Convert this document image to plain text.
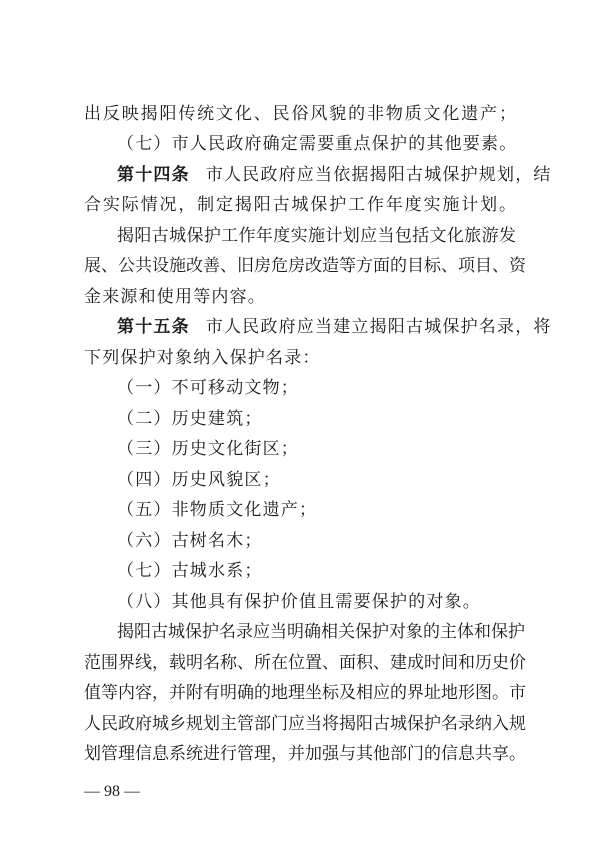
出反映揭阳传统文化、民俗风貌的非物质文化遗产；
（七）市人民政府确定需要重点保护的其他要素。
第十四条 市人民政府应当依据揭阳古城保护规划，结
合实际情况，制定揭阳古城保护工作年度实施计划。
揭阳古城保护工作年度实施计划应当包括文化旅游发
展、公共设施改善、旧房危房改造等方面的目标、项目、资
金来源和使用等内容。
第十五条 市人民政府应当建立揭阳古城保护名录，将
下列保护对象纳入保护名录：
（一）不可移动文物；
（二）历史建筑；
（三）历史文化街区；
（四）历史风貌区；
（五）非物质文化遗产；
（六）古树名木；
（七）古城水系；
（八）其他具有保护价值且需要保护的对象。
揭阳古城保护名录应当明确相关保护对象的主体和保护
范围界线，载明名称、所在位置、面积、建成时间和历史价
值等内容，并附有明确的地理坐标及相应的界址地形图。市
人民政府城乡规划主管部门应当将揭阳古城保护名录纳入规
划管理信息系统进行管理，并加强与其他部门的信息共享。
— 98 —
